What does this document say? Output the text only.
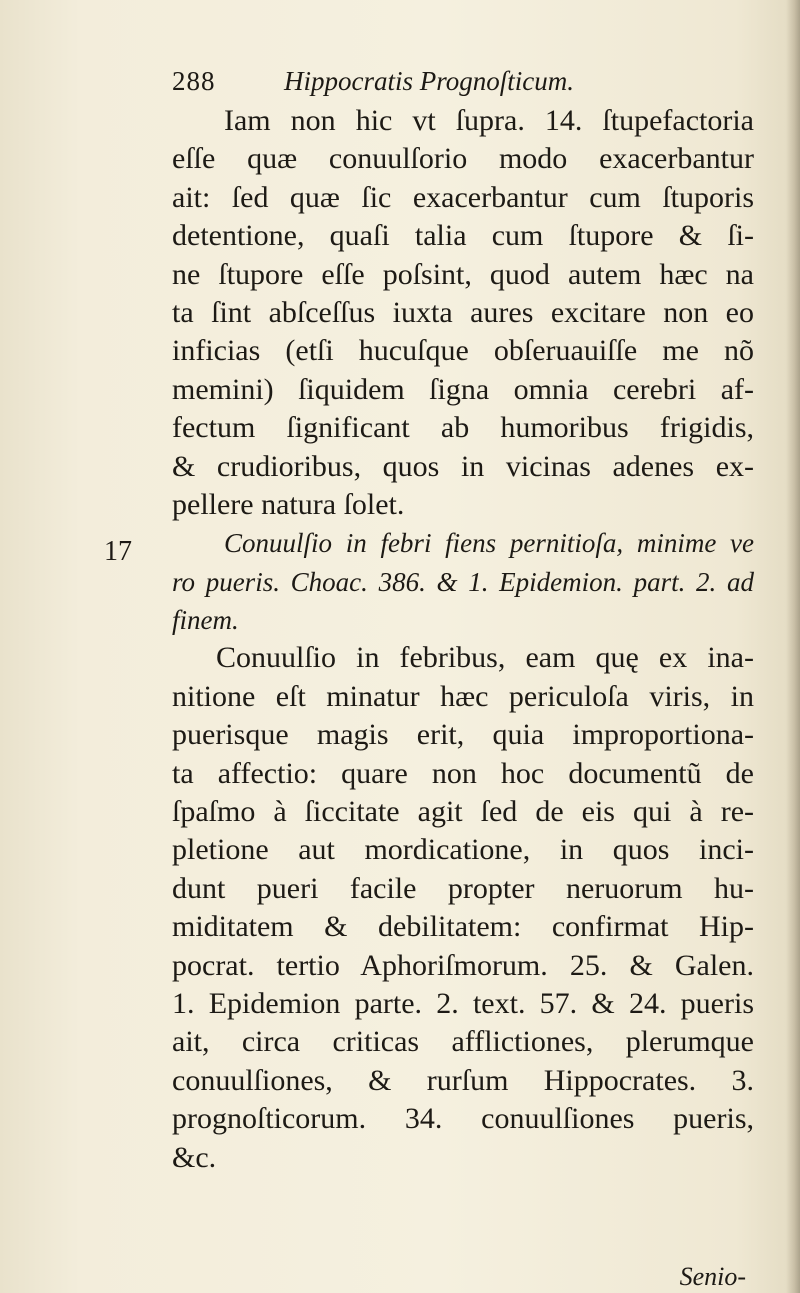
288	Hippocratis Prognoſticum.
17
Iam non hic vt ſupra. 14. ſtupefactoria
eſſe quæ conuulſorio modo exacerbantur
ait: ſed quæ ſic exacerbantur cum ſtuporis
detentione, quaſi talia cum ſtupore & ſi-
ne ſtupore eſſe poſsint, quod autem hæc na
ta ſint abſceſſus iuxta aures excitare non eo
inficias (etſi hucuſque obſeruauiſſe me nõ
memini) ſiquidem ſigna omnia cerebri af-
fectum ſignificant ab humoribus frigidis,
& crudioribus, quos in vicinas adenes ex-
pellere natura ſolet.
Conuulſio in febri fiens pernitioſa, minime ve
ro pueris. Choac. 386. & 1. Epidemion. part. 2. ad
finem.
Conuulſio in febribus, eam quę ex ina-
nitione eſt minatur hæc periculoſa viris, in
puerisque magis erit, quia improportiona-
ta affectio: quare non hoc documentũ de
ſpaſmo à ſiccitate agit ſed de eis qui à re-
pletione aut mordicatione, in quos inci-
dunt pueri facile propter neruorum hu-
miditatem & debilitatem: confirmat Hip-
pocrat. tertio Aphoriſmorum. 25. & Galen.
1. Epidemion parte. 2. text. 57. & 24. pueris
ait, circa criticas afflictiones, plerumque
conuulſiones, & rurſum Hippocrates. 3.
prognoſticorum. 34. conuulſiones pueris,
&c.
Senio-
